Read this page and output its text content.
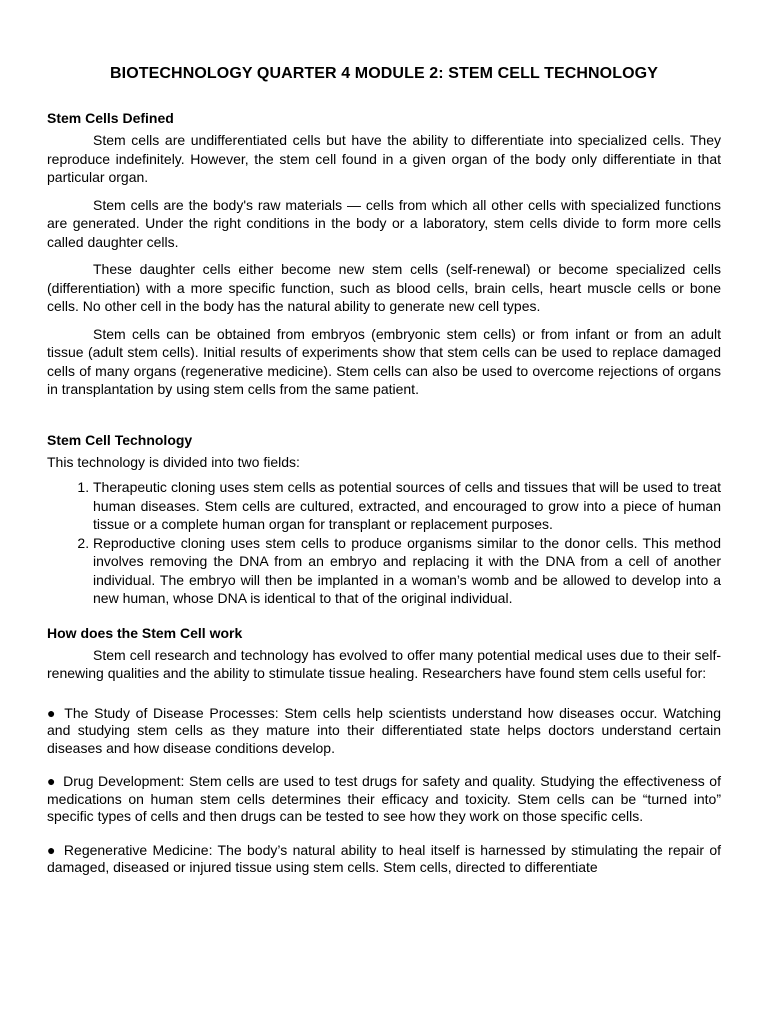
BIOTECHNOLOGY QUARTER 4 MODULE 2: STEM CELL TECHNOLOGY
Stem Cells Defined

Stem cells are undifferentiated cells but have the ability to differentiate into specialized cells. They reproduce indefinitely. However, the stem cell found in a given organ of the body only differentiate in that particular organ.

Stem cells are the body's raw materials — cells from which all other cells with specialized functions are generated. Under the right conditions in the body or a laboratory, stem cells divide to form more cells called daughter cells.

These daughter cells either become new stem cells (self-renewal) or become specialized cells (differentiation) with a more specific function, such as blood cells, brain cells, heart muscle cells or bone cells. No other cell in the body has the natural ability to generate new cell types.

Stem cells can be obtained from embryos (embryonic stem cells) or from infant or from an adult tissue (adult stem cells). Initial results of experiments show that stem cells can be used to replace damaged cells of many organs (regenerative medicine). Stem cells can also be used to overcome rejections of organs in transplantation by using stem cells from the same patient.

Stem Cell Technology
This technology is divided into two fields:
1. Therapeutic cloning uses stem cells as potential sources of cells and tissues that will be used to treat human diseases. Stem cells are cultured, extracted, and encouraged to grow into a piece of human tissue or a complete human organ for transplant or replacement purposes.
2. Reproductive cloning uses stem cells to produce organisms similar to the donor cells. This method involves removing the DNA from an embryo and replacing it with the DNA from a cell of another individual. The embryo will then be implanted in a woman’s womb and be allowed to develop into a new human, whose DNA is identical to that of the original individual.
How does the Stem Cell work

Stem cell research and technology has evolved to offer many potential medical uses due to their self-renewing qualities and the ability to stimulate tissue healing. Researchers have found stem cells useful for:

● The Study of Disease Processes: Stem cells help scientists understand how diseases occur. Watching and studying stem cells as they mature into their differentiated state helps doctors understand certain diseases and how disease conditions develop.
● Drug Development: Stem cells are used to test drugs for safety and quality. Studying the effectiveness of medications on human stem cells determines their efficacy and toxicity. Stem cells can be “turned into” specific types of cells and then drugs can be tested to see how they work on those specific cells.
● Regenerative Medicine: The body’s natural ability to heal itself is harnessed by stimulating the repair of damaged, diseased or injured tissue using stem cells. Stem cells, directed to differentiate
